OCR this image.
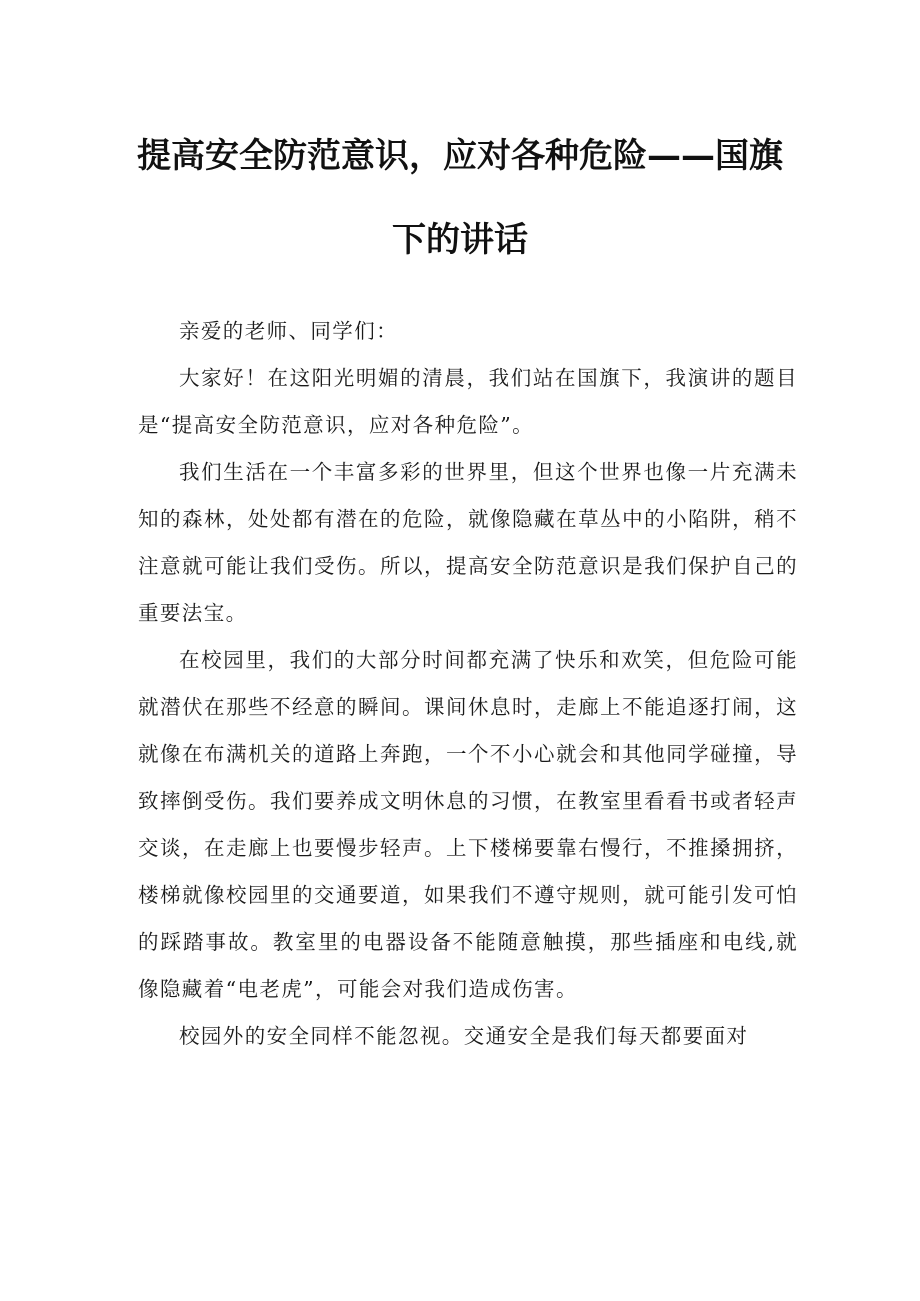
提高安全防范意识，应对各种危险——国旗
下的讲话

亲爱的老师、同学们：

大家好！在这阳光明媚的清晨，我们站在国旗下，我演讲的题目是“提高安全防范意识，应对各种危险”。

我们生活在一个丰富多彩的世界里，但这个世界也像一片充满未知的森林，处处都有潜在的危险，就像隐藏在草丛中的小陷阱，稍不注意就可能让我们受伤。所以，提高安全防范意识是我们保护自己的重要法宝。

在校园里，我们的大部分时间都充满了快乐和欢笑，但危险可能就潜伏在那些不经意的瞬间。课间休息时，走廊上不能追逐打闹，这就像在布满机关的道路上奔跑，一个不小心就会和其他同学碰撞，导致摔倒受伤。我们要养成文明休息的习惯，在教室里看看书或者轻声交谈，在走廊上也要慢步轻声。上下楼梯要靠右慢行，不推搡拥挤，楼梯就像校园里的交通要道，如果我们不遵守规则，就可能引发可怕的踩踏事故。教室里的电器设备不能随意触摸，那些插座和电线,就像隐藏着“电老虎”，可能会对我们造成伤害。

校园外的安全同样不能忽视。交通安全是我们每天都要面对
